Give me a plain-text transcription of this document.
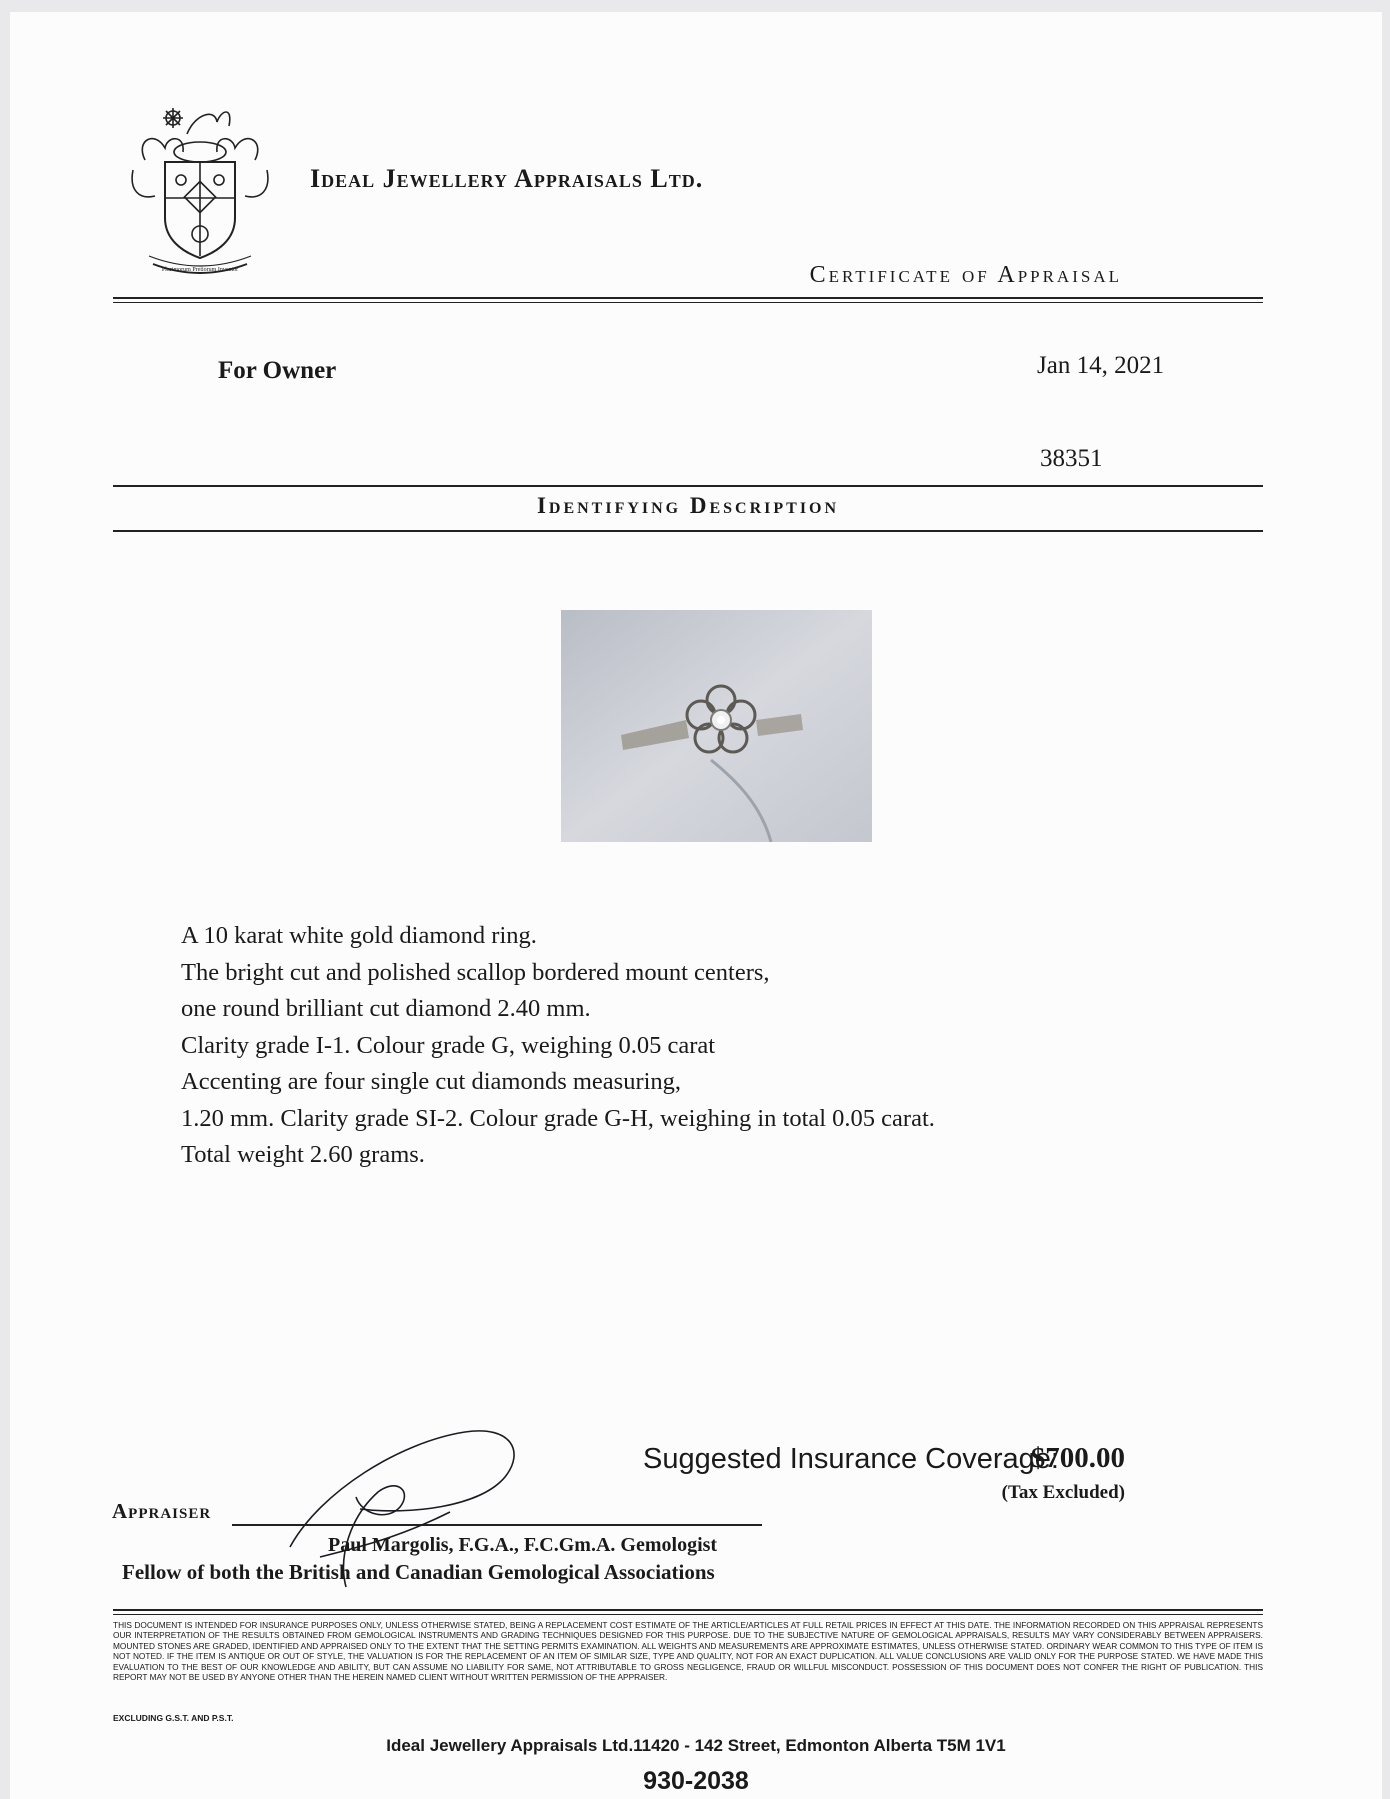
Plurimorum Pretiorum Inventor
Ideal Jewellery Appraisals Ltd.
Certificate of Appraisal
For Owner	Jan 14, 2021
38351
Identifying Description
A 10 karat white gold diamond ring.
The bright cut and polished scallop bordered mount centers,
one round brilliant cut diamond 2.40 mm.
Clarity grade I-1. Colour grade G, weighing 0.05 carat
Accenting are four single cut diamonds measuring,
1.20 mm. Clarity grade SI-2. Colour grade G-H, weighing in total 0.05 carat.
Total weight 2.60 grams.
Suggested Insurance Coverage:
$700.00
(Tax Excluded)
Appraiser
Paul Margolis, F.G.A., F.C.Gm.A. Gemologist
Fellow of both the British and Canadian Gemological Associations
THIS DOCUMENT IS INTENDED FOR INSURANCE PURPOSES ONLY, UNLESS OTHERWISE STATED, BEING A REPLACEMENT COST ESTIMATE OF THE ARTICLE/ARTICLES AT FULL RETAIL PRICES IN EFFECT AT THIS DATE. THE INFORMATION RECORDED ON THIS APPRAISAL REPRESENTS OUR INTERPRETATION OF THE RESULTS OBTAINED FROM GEMOLOGICAL INSTRUMENTS AND GRADING TECHNIQUES DESIGNED FOR THIS PURPOSE. DUE TO THE SUBJECTIVE NATURE OF GEMOLOGICAL APPRAISALS, RESULTS MAY VARY CONSIDERABLY BETWEEN APPRAISERS. MOUNTED STONES ARE GRADED, IDENTIFIED AND APPRAISED ONLY TO THE EXTENT THAT THE SETTING PERMITS EXAMINATION. ALL WEIGHTS AND MEASUREMENTS ARE APPROXIMATE ESTIMATES, UNLESS OTHERWISE STATED. ORDINARY WEAR COMMON TO THIS TYPE OF ITEM IS NOT NOTED. IF THE ITEM IS ANTIQUE OR OUT OF STYLE, THE VALUATION IS FOR THE REPLACEMENT OF AN ITEM OF SIMILAR SIZE, TYPE AND QUALITY, NOT FOR AN EXACT DUPLICATION. ALL VALUE CONCLUSIONS ARE VALID ONLY FOR THE PURPOSE STATED. WE HAVE MADE THIS EVALUATION TO THE BEST OF OUR KNOWLEDGE AND ABILITY, BUT CAN ASSUME NO LIABILITY FOR SAME, NOT ATTRIBUTABLE TO GROSS NEGLIGENCE, FRAUD OR WILLFUL MISCONDUCT. POSSESSION OF THIS DOCUMENT DOES NOT CONFER THE RIGHT OF PUBLICATION. THIS REPORT MAY NOT BE USED BY ANYONE OTHER THAN THE HEREIN NAMED CLIENT WITHOUT WRITTEN PERMISSION OF THE APPRAISER.
EXCLUDING G.S.T. AND P.S.T.
Ideal Jewellery Appraisals Ltd.11420 - 142 Street, Edmonton Alberta T5M 1V1
930-2038
